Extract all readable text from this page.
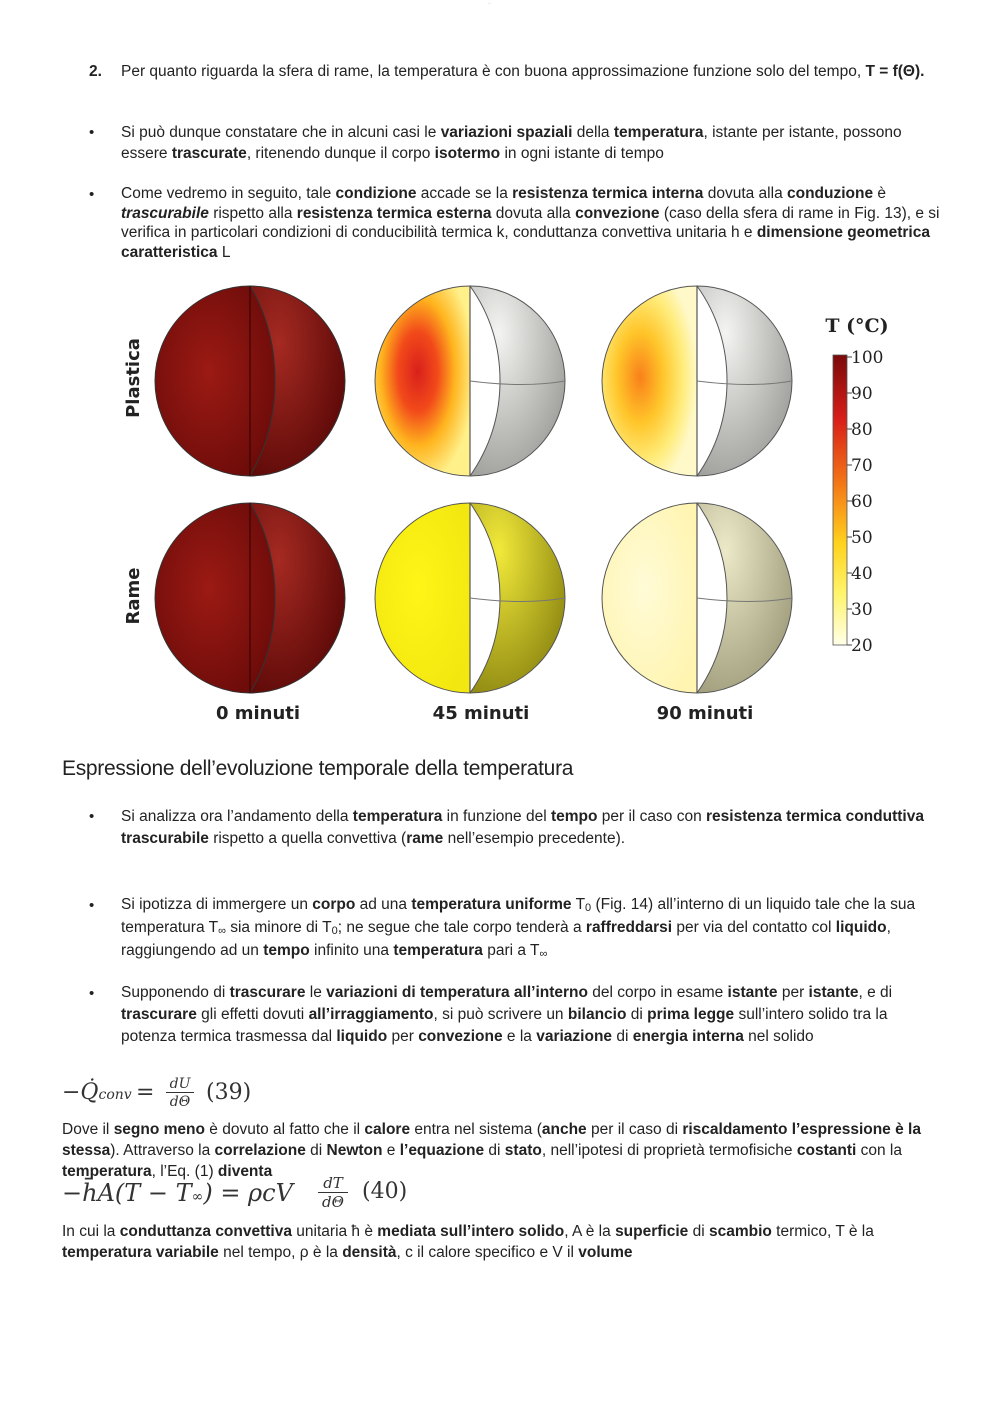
...
2. Per quanto riguarda la sfera di rame, la temperatura è con buona approssimazione funzione solo del tempo, T = f(Θ).
• Si può dunque constatare che in alcuni casi le variazioni spaziali della temperatura, istante per istante, possono essere trascurate, ritenendo dunque il corpo isotermo in ogni istante di tempo
• Come vedremo in seguito, tale condizione accade se la resistenza termica interna dovuta alla conduzione è trascurabile rispetto alla resistenza termica esterna dovuta alla convezione (caso della sfera di rame in Fig. 13), e si verifica in particolari condizioni di conducibilità termica k, conduttanza convettiva unitaria h e dimensione geometrica caratteristica L
Plastica
Rame
0 minuti	45 minuti	90 minuti
T (°C)
100
90
80
70
60
50
40
30
20
Espressione dell’evoluzione temporale della temperatura
• Si analizza ora l’andamento della temperatura in funzione del tempo per il caso con resistenza termica conduttiva trascurabile rispetto a quella convettiva (rame nell’esempio precedente).
• Si ipotizza di immergere un corpo ad una temperatura uniforme T0 (Fig. 14) all’interno di un liquido tale che la sua temperatura T∞ sia minore di T0; ne segue che tale corpo tenderà a raffreddarsi per via del contatto col liquido, raggiungendo ad un tempo infinito una temperatura pari a T∞
• Supponendo di trascurare le variazioni di temperatura all’interno del corpo in esame istante per istante, e di trascurare gli effetti dovuti all’irraggiamento, si può scrivere un bilancio di prima legge sull’intero solido tra la potenza termica trasmessa dal liquido per convezione e la variazione di energia interna nel solido
−Q̇conv = dU
dΘ (39)
Dove il segno meno è dovuto al fatto che il calore entra nel sistema (anche per il caso di riscaldamento l’espressione è la stessa). Attraverso la correlazione di Newton e l’equazione di stato, nell’ipotesi di proprietà termofisiche costanti con la temperatura, l’Eq. (1) diventa
−h̄A(T − T∞) = ρcV	dT
dΘ (40)
In cui la conduttanza convettiva unitaria ħ è mediata sull’intero solido, A è la superficie di scambio termico, T è la temperatura variabile nel tempo, ρ è la densità, c il calore specifico e V il volume
